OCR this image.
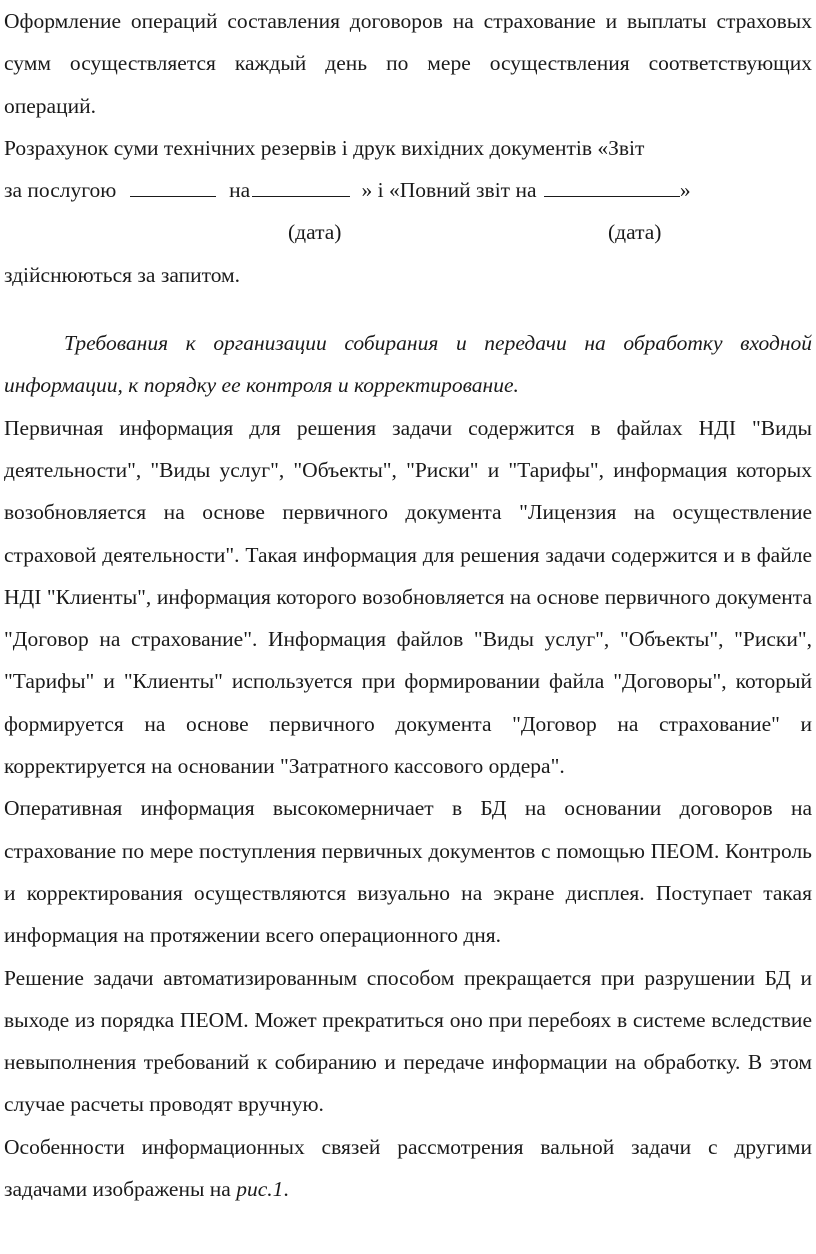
Оформление операций составления договоров на страхование и выплаты страховых сумм осуществляется каждый день по мере осуществления соответствующих операций.

Розрахунок суми технічних резервів і друк вихідних документів «Звіт

за послугою	на	» і «Повний звіт на	»

(дата)	(дата)

здійснюються за запитом.

Требования к организации собирания и передачи на обработку входной информации, к порядку ее контроля и корректирование.

Первичная информация для решения задачи содержится в файлах НДІ "Виды деятельности", "Виды услуг", "Объекты", "Риски" и "Тарифы", информация которых возобновляется на основе первичного документа "Лицензия на осуществление страховой деятельности". Такая информация для решения задачи содержится и в файле НДІ "Клиенты", информация которого возобновляется на основе первичного документа "Договор на страхование". Информация файлов "Виды услуг", "Объекты", "Риски", "Тарифы" и "Клиенты" используется при формировании файла "Договоры", который формируется на основе первичного документа "Договор на страхование" и корректируется на основании "Затратного кассового ордера".

Оперативная информация высокомерничает в БД на основании договоров на страхование по мере поступления первичных документов с помощью ПЕОМ. Контроль и корректирования осуществляются визуально на экране дисплея. Поступает такая информация на протяжении всего операционного дня.

Решение задачи автоматизированным способом прекращается при разрушении БД и выходе из порядка ПЕОМ. Может прекратиться оно при перебоях в системе вследствие невыполнения требований к собиранию и передаче информации на обработку. В этом случае расчеты проводят вручную.

Особенности информационных связей рассмотрения вальной задачи с другими задачами изображены на рис.1.
